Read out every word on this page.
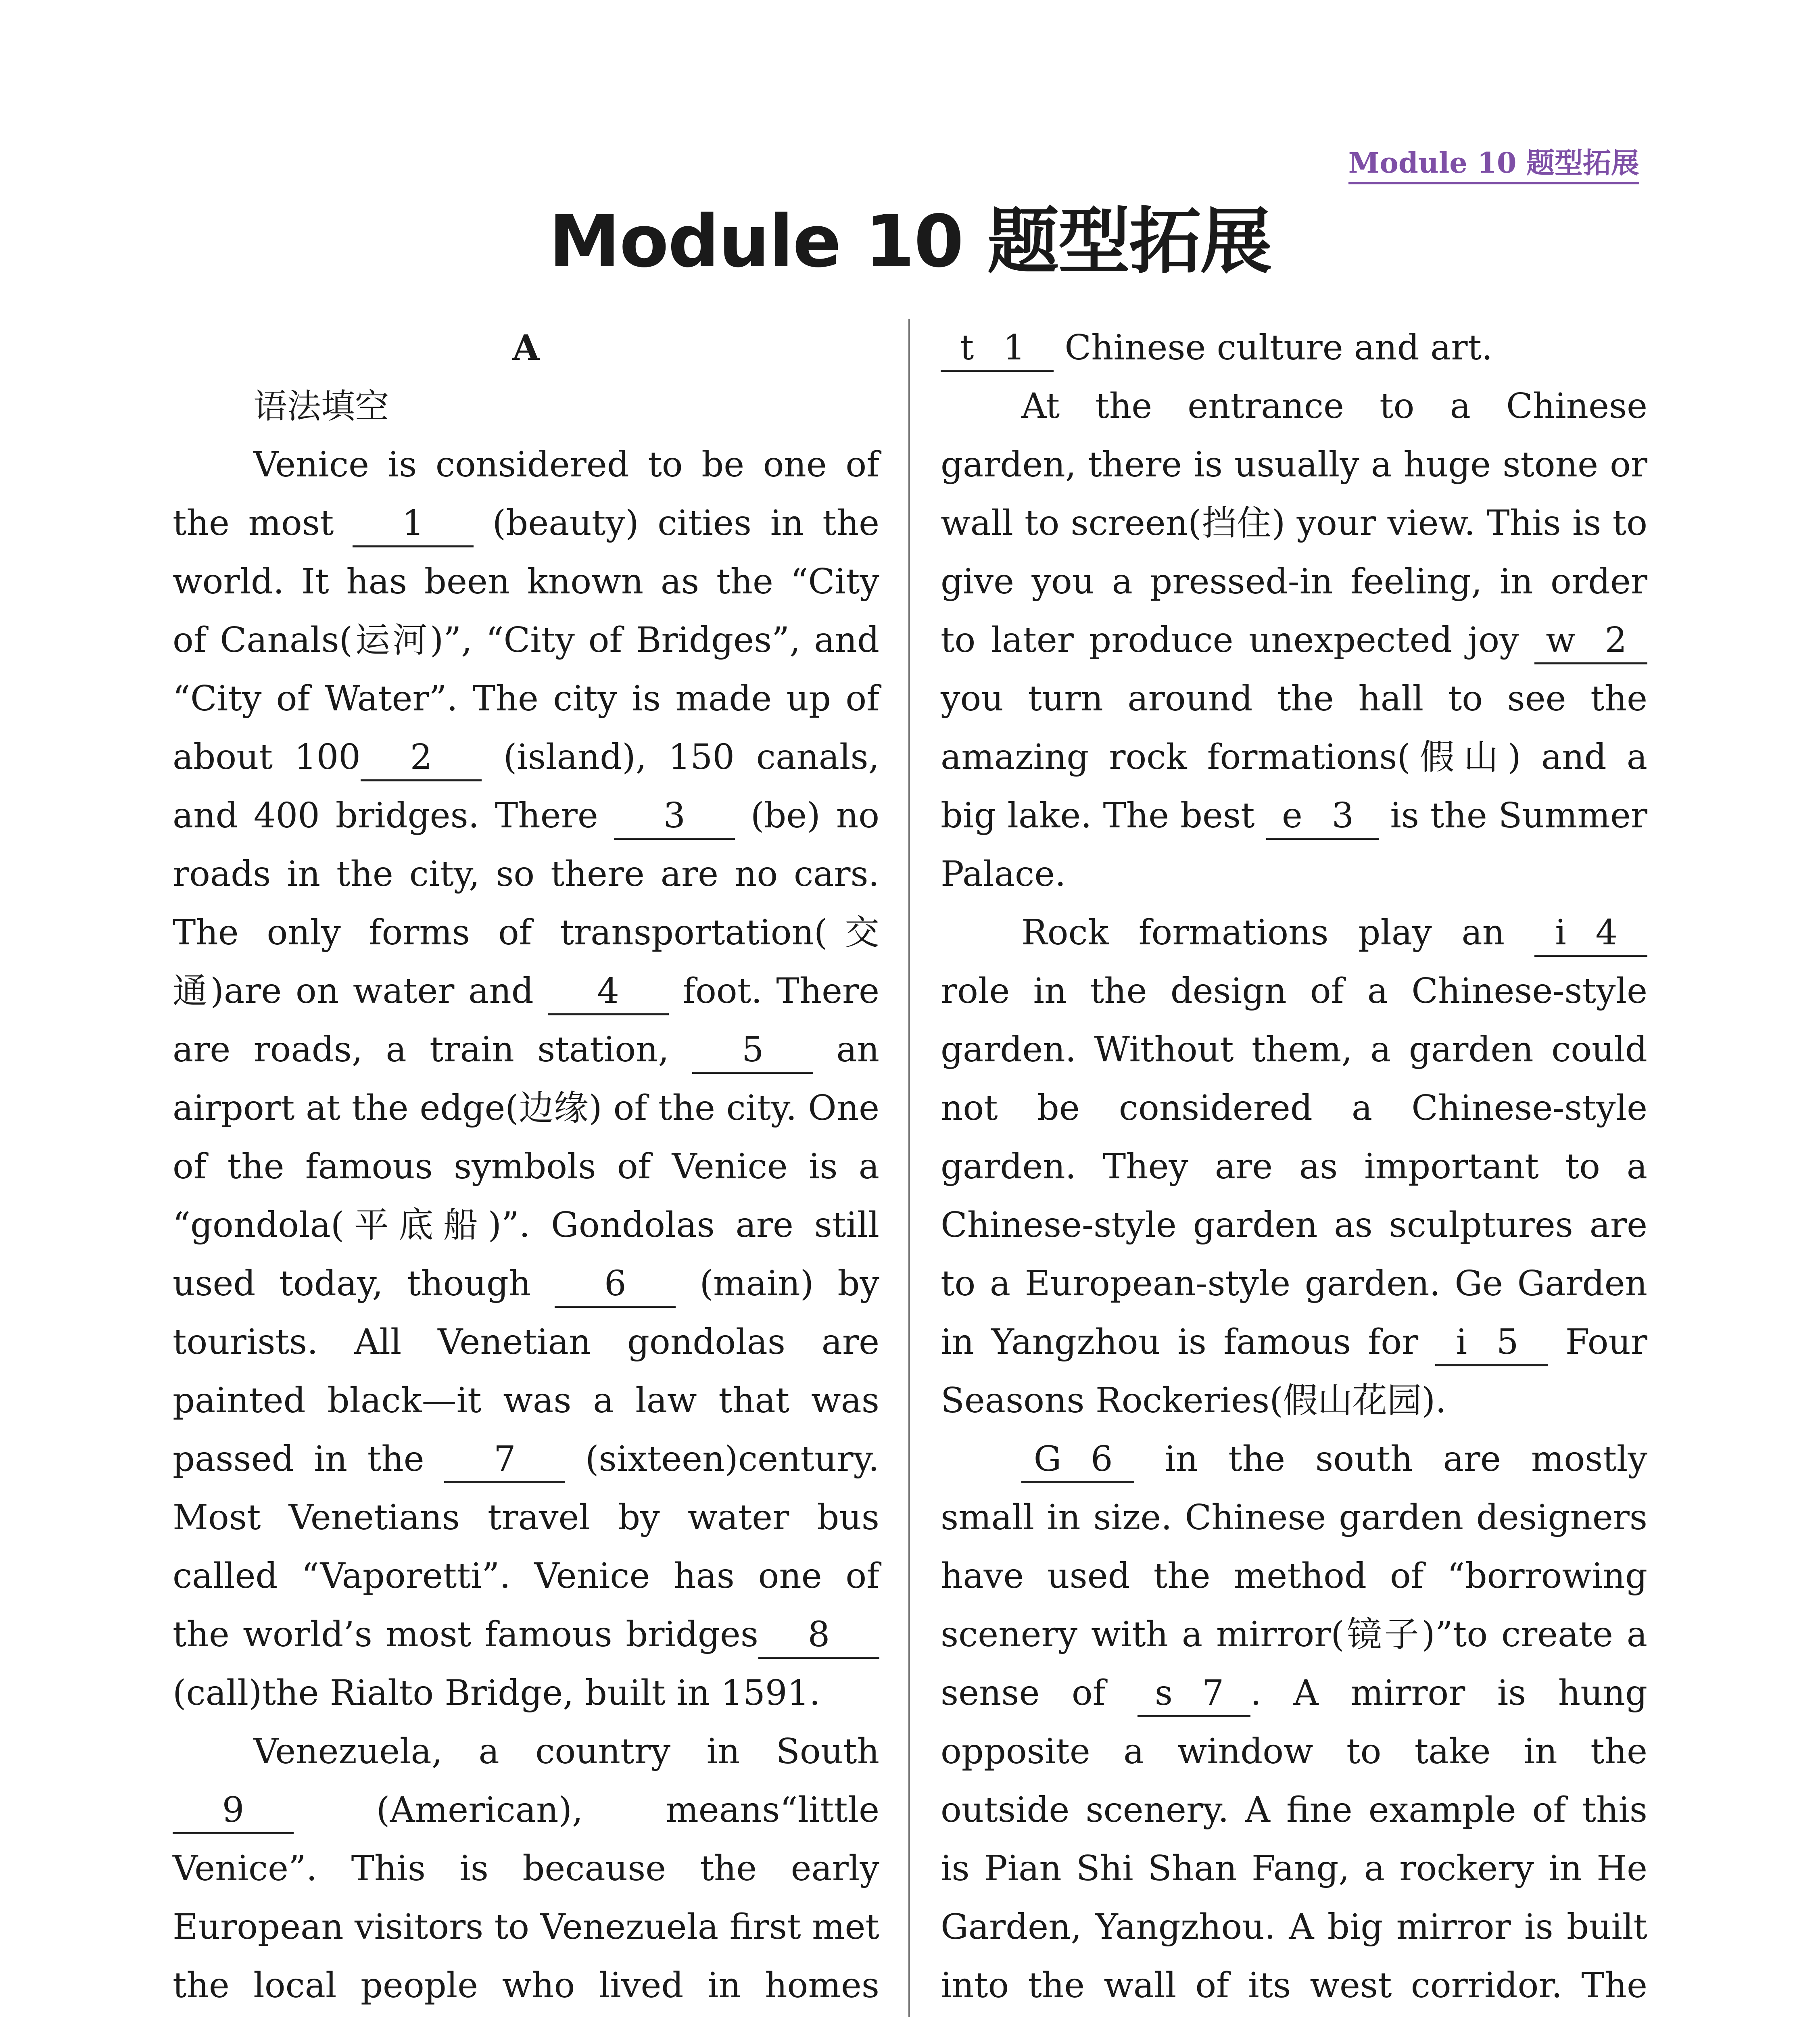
Module 10 题型拓展
Module 10 题型拓展

A

语法填空

Venice is considered to be one of the most 1 (beauty) cities in the world. It has been known as the “City of Canals(运河)”, “City of Bridges”, and “City of Water”. The city is made up of about 100 2 (island), 150 canals, and 400 bridges. There 3 (be) no roads in the city, so there are no cars. The only forms of transportation(交通)are on water and 4 foot. There are roads, a train station, 5 an airport at the edge(边缘) of the city. One of the famous symbols of Venice is a “gondola(平底船)”. Gondolas are still used today, though 6 (main) by tourists. All Venetian gondolas are painted black—it was a law that was passed in the 7 (sixteen)century. Most Venetians travel by water bus called “Vaporetti”. Venice has one of the world’s most famous bridges 8 (call)the Rialto Bridge, built in 1591.

Venezuela, a country in South9	(American), means“little Venice”. This is because the early European visitors to Venezuela first met the local people who lived in homes

t 1 Chinese culture and art.

At the entrance to a Chinese garden, there is usually a huge stone or wall to screen(挡住) your view. This is to give you a pressed-in feeling, in order to later produce unexpected joy w 2 you turn around the hall to see the amazing rock formations(假山) and a big lake. The best e 3 is the Summer Palace.

Rock formations play an i 4 role in the design of a Chinese-style garden. Without them, a garden could not be considered a Chinese-style garden. They are as important to a Chinese-style garden as sculptures are to a European-style garden. Ge Garden in Yangzhou is famous for i 5 Four Seasons Rockeries(假山花园).

G 6 in the south are mostly small in size. Chinese garden designers have used the method of “borrowing scenery with a mirror(镜子)”to create a sense of s 7 . A mirror is hung opposite a window to take in the outside scenery. A fine example of this is Pian Shi Shan Fang, a rockery in He Garden, Yangzhou. A big mirror is built into the wall of its west corridor. The
